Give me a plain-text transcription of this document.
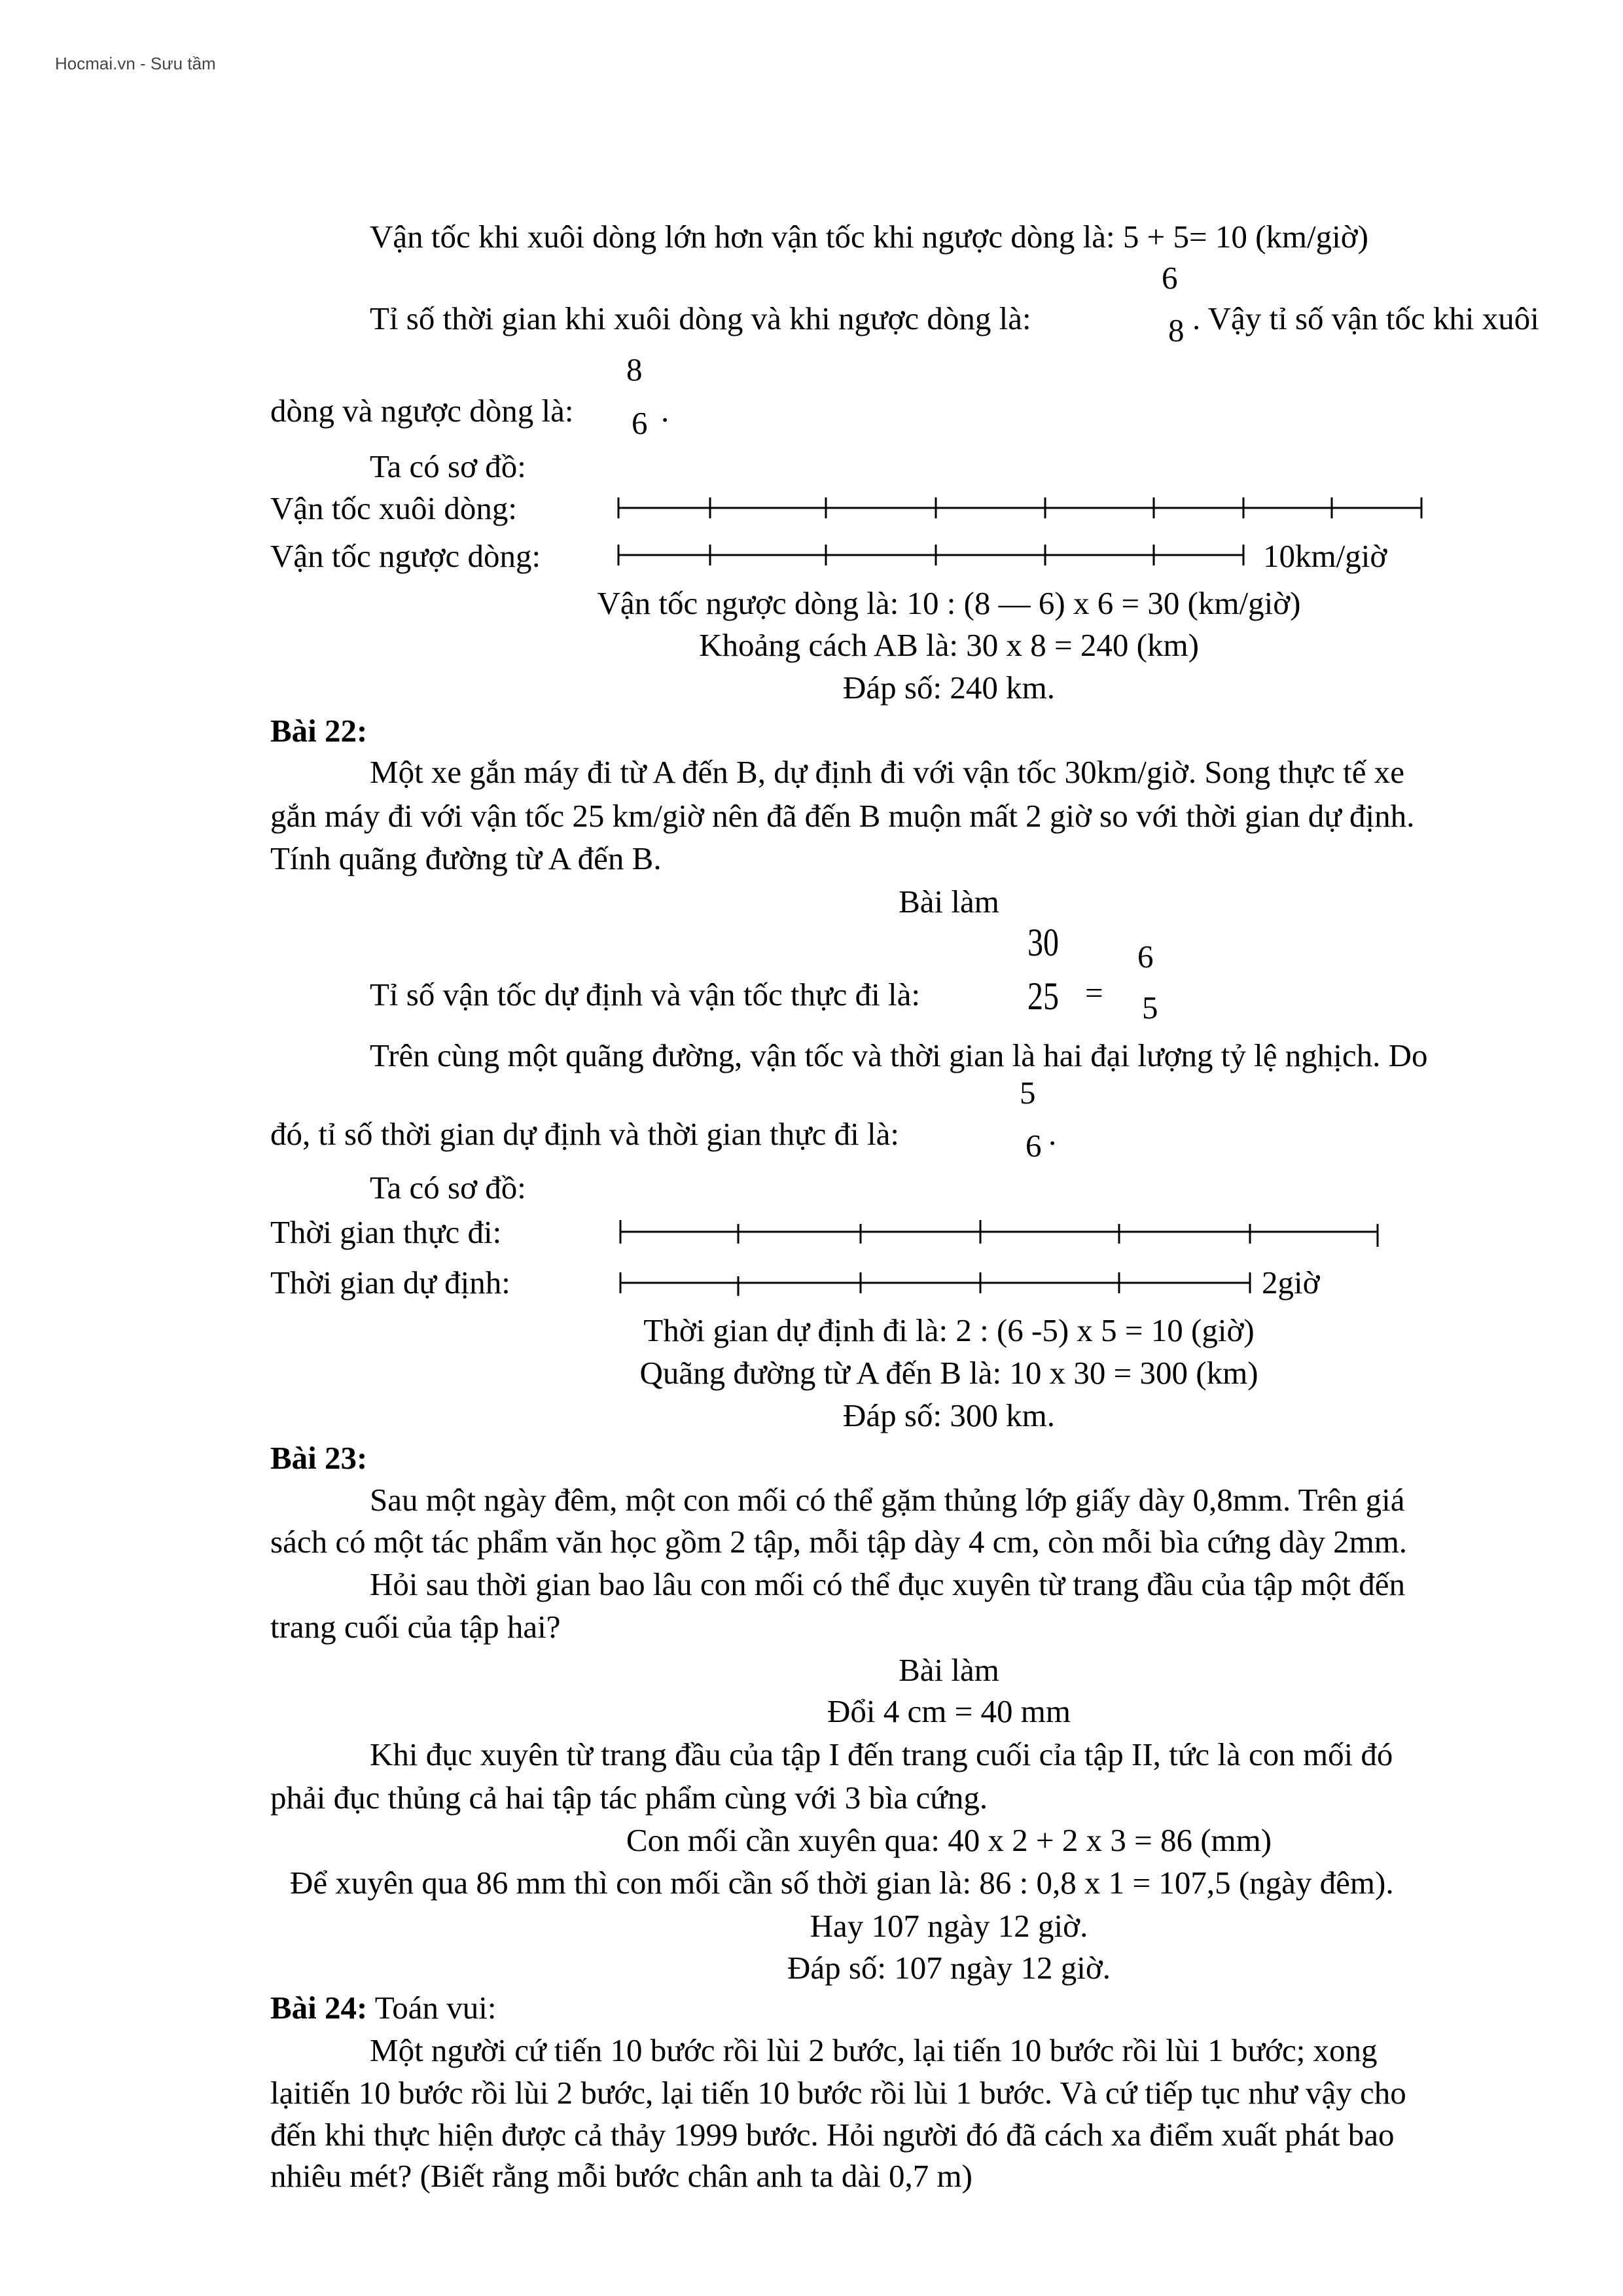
Hocmai.vn - Sưu tầm
Vận tốc khi xuôi dòng lớn hơn vận tốc khi ngược dòng là: 5 + 5= 10 (km/giờ)
6
Tỉ số thời gian khi xuôi dòng và khi ngược dòng là:	8 . Vậy tỉ số vận tốc khi xuôi
8
dòng và ngược dòng là: 6 .
Ta có sơ đồ:
Vận tốc xuôi dòng:
Vận tốc ngược dòng:	10km/giờ
Vận tốc ngược dòng là: 10 : (8 — 6) x 6 = 30 (km/giờ)
Khoảng cách AB là: 30 x 8 = 240 (km)
Đáp số: 240 km.
Bài 22:
Một xe gắn máy đi từ A đến B, dự định đi với vận tốc 30km/giờ. Song thực tế xe
gắn máy đi với vận tốc 25 km/giờ nên đã đến B muộn mất 2 giờ so với thời gian dự định.
Tính quãng đường từ A đến B.
Bài làm
30
Tỉ số vận tốc dự định và vận tốc thực đi là:	25 =
6
5
Trên cùng một quãng đường, vận tốc và thời gian là hai đại lượng tỷ lệ nghịch. Do
5
đó, tỉ số thời gian dự định và thời gian thực đi là:	6 .
Ta có sơ đồ:
Thời gian thực đi:
Thời gian dự định:	2giờ
Thời gian dự định đi là: 2 : (6 -5) x 5 = 10 (giờ)
Quãng đường từ A đến B là: 10 x 30 = 300 (km)
Đáp số: 300 km.
Bài 23:
Sau một ngày đêm, một con mối có thể gặm thủng lớp giấy dày 0,8mm. Trên giá
sách có một tác phẩm văn học gồm 2 tập, mỗi tập dày 4 cm, còn mỗi bìa cứng dày 2mm.
Hỏi sau thời gian bao lâu con mối có thể đục xuyên từ trang đầu của tập một đến
trang cuối của tập hai?
Bài làm
Đổi 4 cm = 40 mm
Khi đục xuyên từ trang đầu của tập I đến trang cuối cỉa tập II, tức là con mối đó
phải đục thủng cả hai tập tác phẩm cùng với 3 bìa cứng.
Con mối cần xuyên qua: 40 x 2 + 2 x 3 = 86 (mm)
Để xuyên qua 86 mm thì con mối cần số thời gian là: 86 : 0,8 x 1 = 107,5 (ngày đêm).
Hay 107 ngày 12 giờ.
Đáp số: 107 ngày 12 giờ.
Bài 24: Toán vui:
Một người cứ tiến 10 bước rồi lùi 2 bước, lại tiến 10 bước rồi lùi 1 bước; xong
lạitiến 10 bước rồi lùi 2 bước, lại tiến 10 bước rồi lùi 1 bước. Và cứ tiếp tục như vậy cho
đến khi thực hiện được cả thảy 1999 bước. Hỏi người đó đã cách xa điểm xuất phát bao
nhiêu mét? (Biết rằng mỗi bước chân anh ta dài 0,7 m)
